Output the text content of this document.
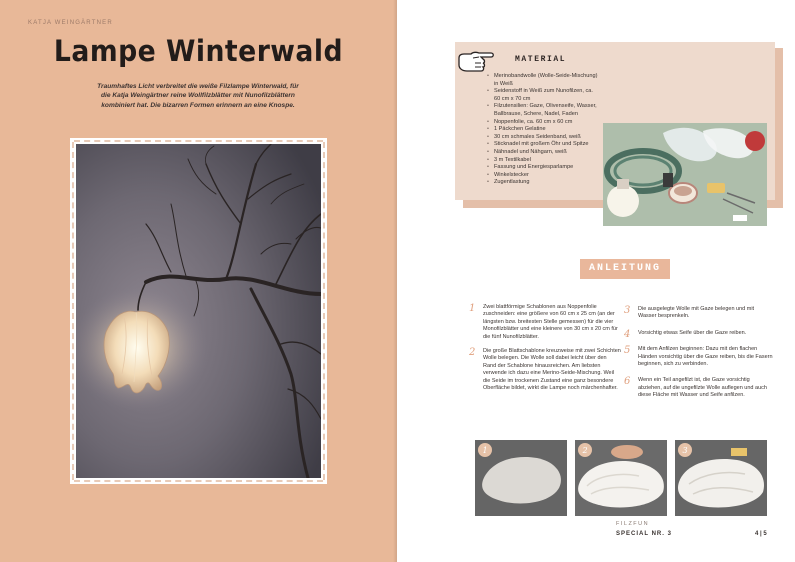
KATJA WEINGÄRTNER
Lampe Winterwald

Traumhaftes Licht verbreitet die weiße Filzlampe Winterwald, für die Katja Weingärtner reine Wollfilzblätter mit Nunofilzblättern kombiniert hat. Die bizarren Formen erinnern an eine Knospe.

MATERIAL
• Merinobandwolle (Wolle-Seide-Mischung) in Weiß
• Seidenstoff in Weiß zum Nunofilzen, ca. 60 cm x 70 cm
• Filzutensilien: Gaze, Olivenseife, Wasser, Ballbrause, Schere, Nadel, Faden
• Noppenfolie, ca. 60 cm x 60 cm
• 1 Päckchen Gelatine
• 30 cm schmales Seidenband, weiß
• Sticknadel mit großem Öhr und Spitze
• Nähnadel und Nähgarn, weiß
• 3 m Textilkabel
• Fassung und Energiesparlampe
• Winkelstecker
• Zugentlastung
ANLEITUNG
1 Zwei blattförmige Schablonen aus Noppenfolie zuschneiden: eine größere von 60 cm x 25 cm (an der längsten bzw. breitesten Stelle gemessen) für die vier Monofilzblätter und eine kleinere von 30 cm x 20 cm für die fünf Nunofilzblätter.

2 Die große Blattschablone kreuzweise mit zwei Schichten Wolle belegen. Die Wolle soll dabei leicht über den Rand der Schablone hinausreichen. Am liebsten verwende ich dazu eine Merino-Seide-Mischung. Weil die Seide im trockenen Zustand eine ganz besondere Oberfläche bildet, wirkt die Lampe noch märchenhafter.

3 Die ausgelegte Wolle mit Gaze belegen und mit Wasser besprenkeln.

4 Vorsichtig etwas Seife über die Gaze reiben.

5 Mit dem Anfilzen beginnen: Dazu mit den flachen Händen vorsichtig über die Gaze reiben, bis die Fasern beginnen, sich zu verbinden.

6 Wenn ein Teil angefilzt ist, die Gaze vorsichtig abziehen, auf die ungefilzte Wolle auflegen und auch diese Fläche mit Wasser und Seife anfilzen.

1	2	3
FILZFUN
SPECIAL NR. 3	4 | 5
